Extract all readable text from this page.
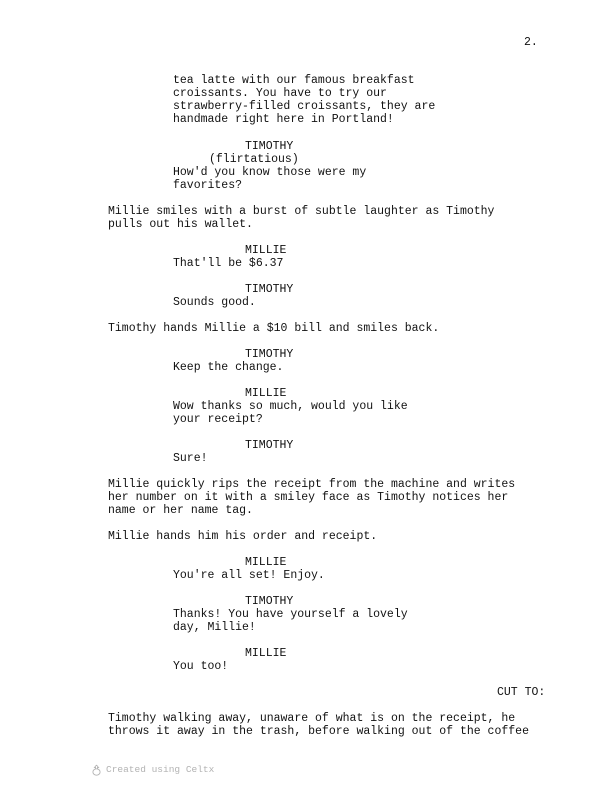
2.
tea latte with our famous breakfast
croissants. You have to try our
strawberry-filled croissants, they are
handmade right here in Portland!
TIMOTHY
(flirtatious)
How'd you know those were my
favorites?
Millie smiles with a burst of subtle laughter as Timothy
pulls out his wallet.
MILLIE
That'll be $6.37
TIMOTHY
Sounds good.
Timothy hands Millie a $10 bill and smiles back.
TIMOTHY
Keep the change.
MILLIE
Wow thanks so much, would you like
your receipt?
TIMOTHY
Sure!
Millie quickly rips the receipt from the machine and writes
her number on it with a smiley face as Timothy notices her
name or her name tag.
Millie hands him his order and receipt.
MILLIE
You're all set! Enjoy.
TIMOTHY
Thanks! You have yourself a lovely
day, Millie!
MILLIE
You too!
CUT TO:
Timothy walking away, unaware of what is on the receipt, he
throws it away in the trash, before walking out of the coffee
Created using Celtx
